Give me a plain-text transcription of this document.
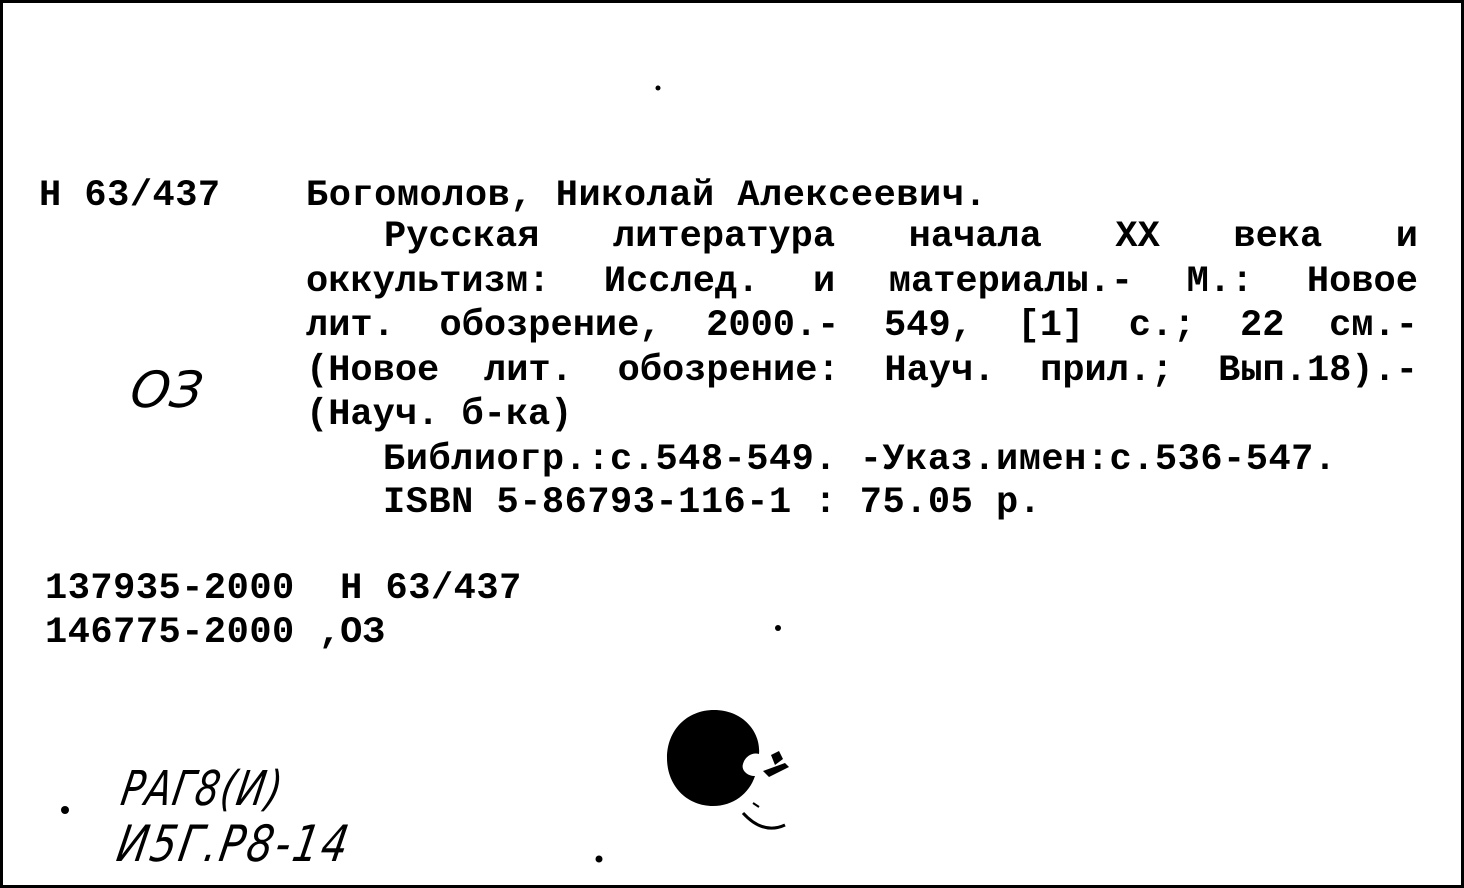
Н 63/437 Богомолов, Николай Алексеевич.
Русская литература начала XX века и
оккультизм: Исслед. и материалы.- М.: Новое
лит. обозрение, 2000.- 549, [1] с.; 22 см.-
(Новое лит. обозрение: Науч. прил.; Вып.18).-
(Науч. б-ка)
Библиогр.:с.548-549. -Указ.имен:с.536-547.
ISBN 5-86793-116-1 : 75.05 р.
137935-2000  Н 63/437
146775-2000 ‚ОЗ
ОЗ
РАГ8(И)
И5Г.Р8-14
